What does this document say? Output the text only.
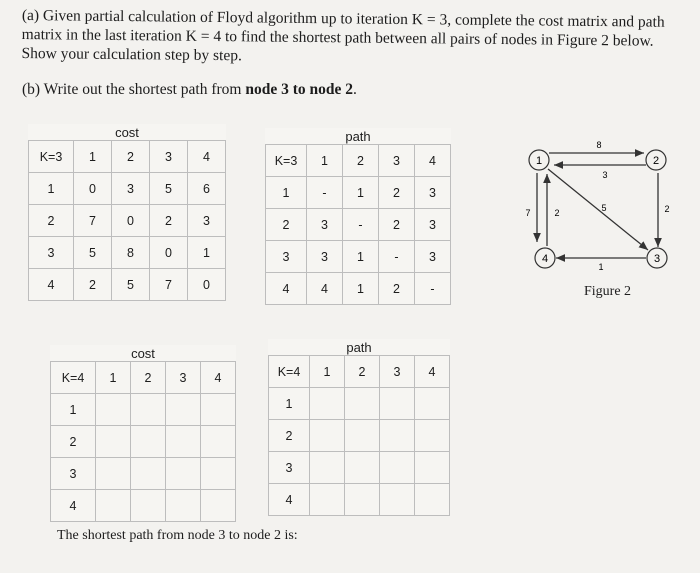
(a) Given partial calculation of Floyd algorithm up to iteration K = 3, complete the cost matrix and path matrix in the last iteration K = 4 to find the shortest path between all pairs of nodes in Figure 2 below. Show your calculation step by step.
(b) Write out the shortest path from node 3 to node 2.
cost				
K=3	1	2	3	4
1	0	3	5	6
2	7	0	2	3
3	5	8	0	1
4	2	5	7	0
path				
K=3	1	2	3	4
1	-	1	2	3
2	3	-	2	3
3	3	1	-	3
4	4	1	2	-
cost				
K=4	1	2	3	4
1				
2				
3				
4				
path				
K=4	1	2	3	4
1				
2				
3				
4				
The shortest path from node 3 to node 2 is:
1	2
3
4
8
3
2
5
1
7	2
Figure 2
